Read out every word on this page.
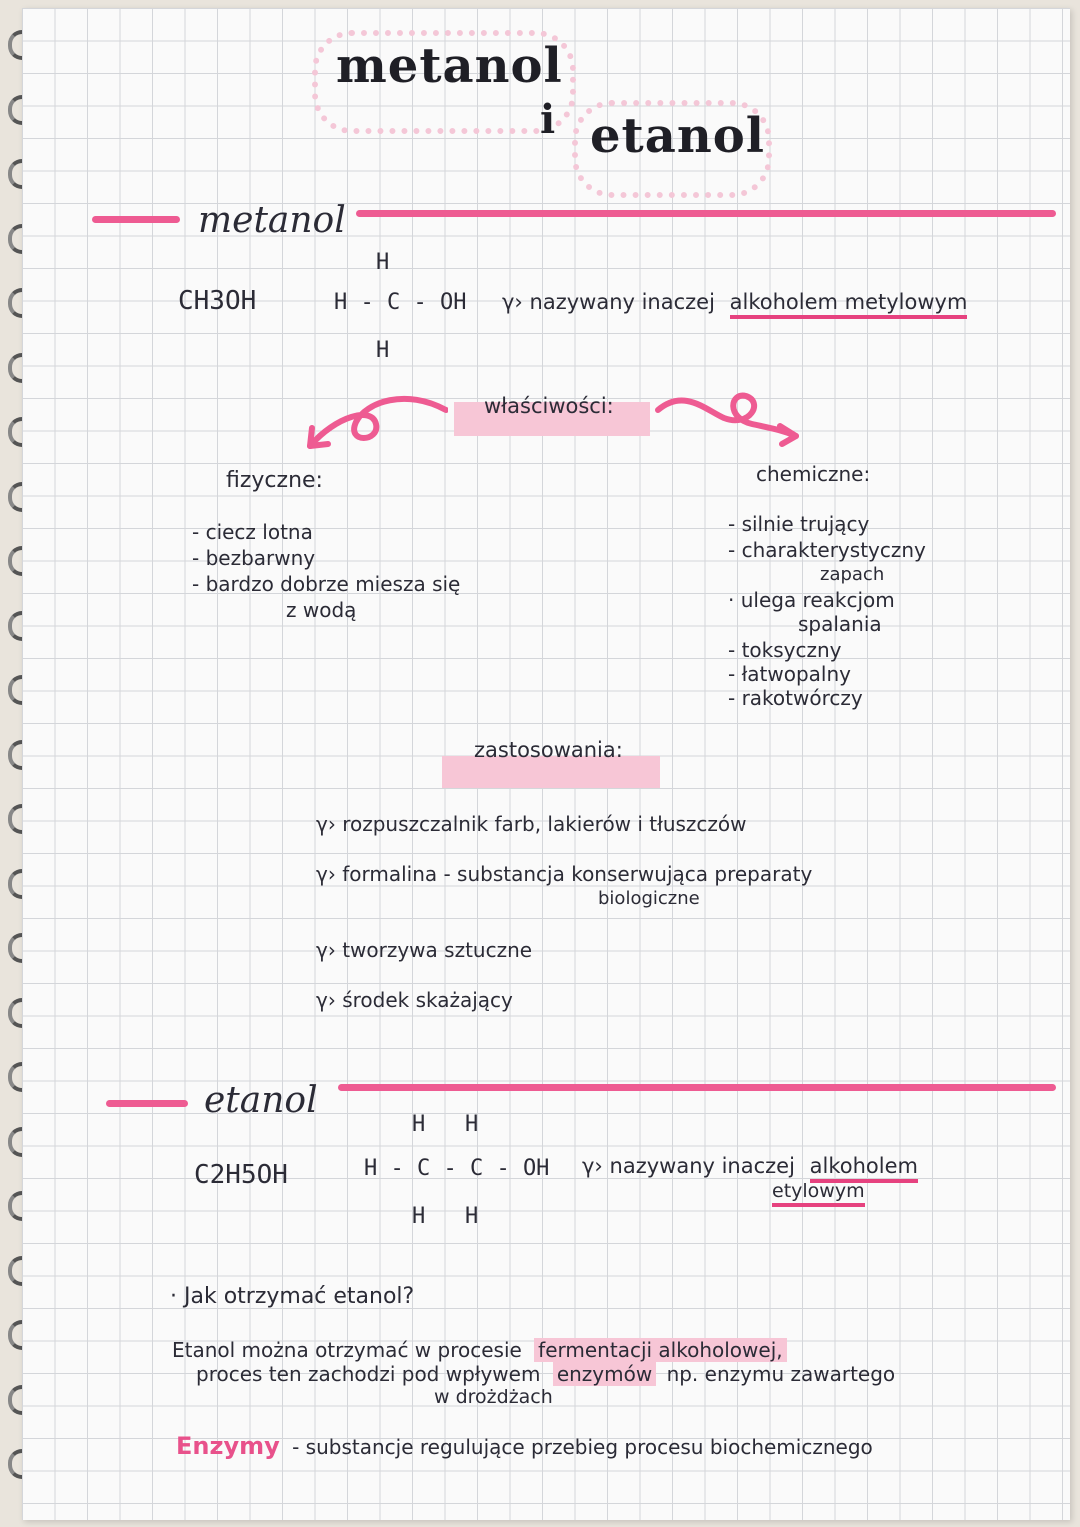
metanol
i etanol
metanol
CH3OH
H
H - C - OH
H
γ› nazywany inaczej alkoholem metylowym
właściwości:
fizyczne:
- ciecz lotna
- bezbarwny
- bardzo dobrze miesza się
z wodą
chemiczne:
- silnie trujący
- charakterystyczny
zapach
· ulega reakcjom
spalania
- toksyczny
- łatwopalny
- rakotwórczy
zastosowania:
γ› rozpuszczalnik farb, lakierów i tłuszczów
γ› formalina - substancja konserwująca preparaty
biologiczne
γ› tworzywa sztuczne
γ› środek skażający
etanol
C2H5OH
H   H
H - C - C - OH
H   H
γ› nazywany inaczej alkoholem
etylowym
· Jak otrzymać etanol?
Etanol można otrzymać w procesie fermentacji alkoholowej,
proces ten zachodzi pod wpływem enzymów np. enzymu zawartego
w drożdżach
Enzymy - substancje regulujące przebieg procesu biochemicznego
